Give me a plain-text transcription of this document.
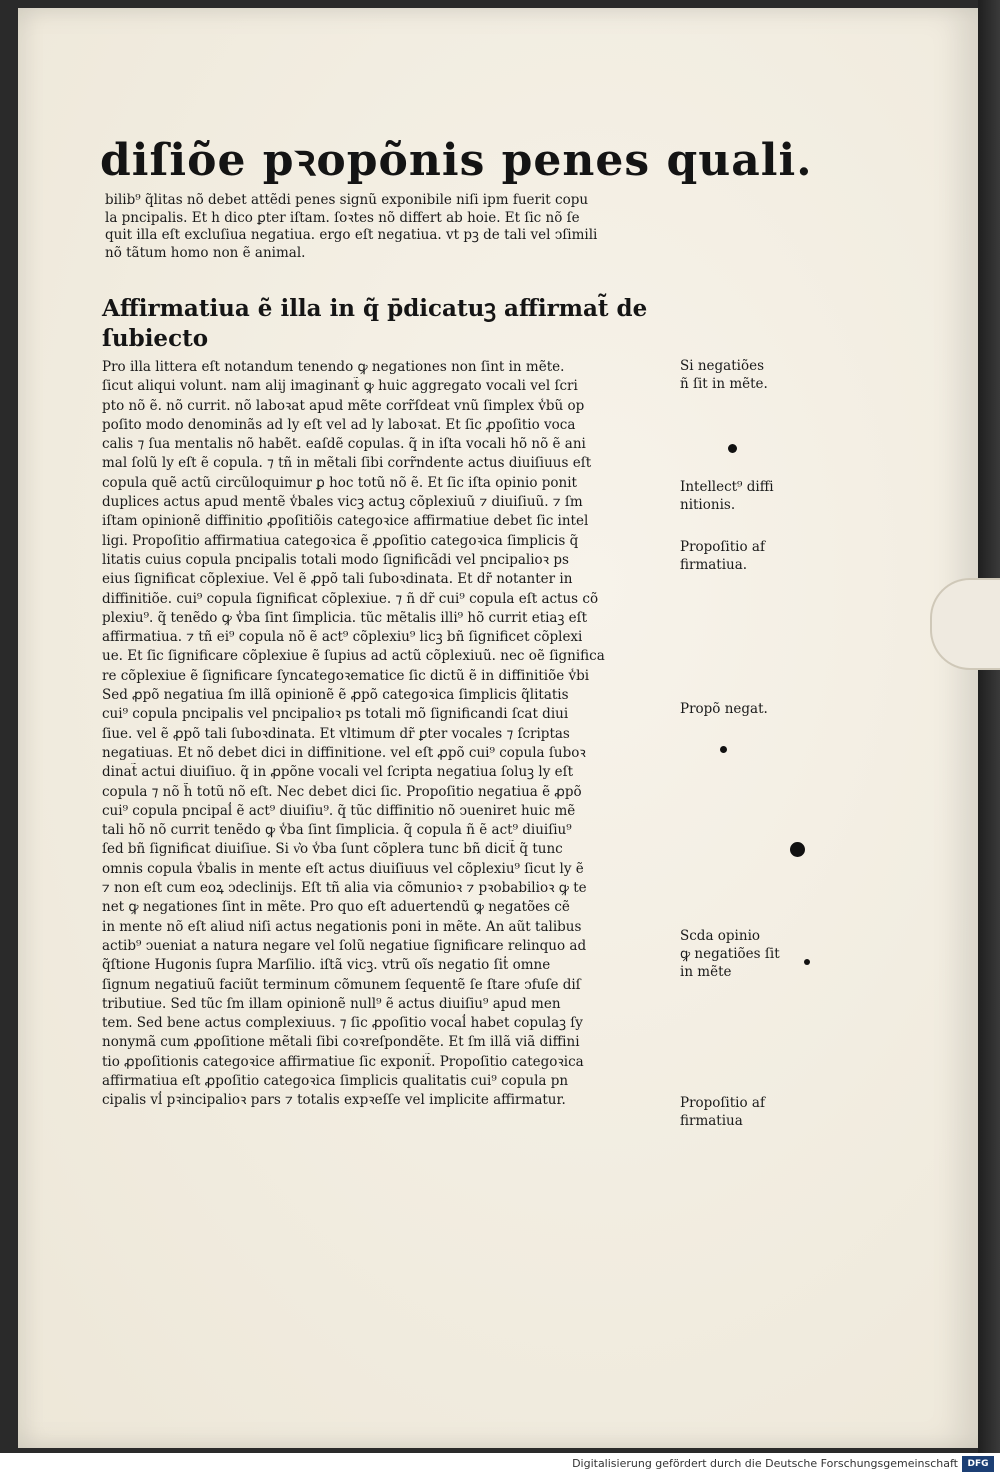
diſiõe pꝛopõnis penes quali.
bilib⁹ q̃litas nõ debet attẽdi penes signũ exponibile niſi ipm fuerit copu
la pncipalis. Et h̃ dico ꝑter iſtam. ſoꝛtes nõ differt ab hoie. Et ſic nõ ſe
quit̃ illa eſt excluſiua negatiua. ergo eſt negatiua. vt pꝫ de tali vel ↄſimili
nõ tãtum homo non ẽ animal.
Affirmatiua ẽ illa in q̃ p̄dicatuꝫ affirmat̃ de ſubiecto
Pro illa littera eſt notandum tenendo ꝙ negationes non ſint in mẽte.
ſicut aliqui volunt. nam alij imaginant̃ ꝙ huic aggregato vocali vel ſcri
pto nõ ẽ. nõ currit. nõ laboꝛat apud mẽte corr̃ſdeat vnũ ſimplex v̾bũ op
poſito modo denominãs ad ly eſt vel ad ly laboꝛat. Et ſic ꝓpoſitio voca
calis ⁊ ſua mentalis nõ habẽt. eaſdẽ copulas. q̃ in iſta vocali hõ nõ ẽ ani
mal ſolũ ly eſt ẽ copula. ⁊ tñ in mẽtali ſibi corr̃ndente actus diuiſiuus eſt
copula quẽ actũ circũloquimur ꝑ hoc totũ nõ ẽ. Et ſic iſta opinio ponit
duplices actus apud mentẽ v̾bales vicꝫ actuꝫ cõplexiuũ ⁊ diuiſiuũ. ⁊ ſm
iſtam opinionẽ diffinitio ꝓpoſitiõis categoꝛice affirmatiue debet ſic intel
ligi. Propoſitio affirmatiua categoꝛica ẽ ꝓpoſitio categoꝛica ſimplicis q̃
litatis cuius copula pncipalis totali modo ſignificãdi vel pncipalioꝛ ps
eius ſignificat cõplexiue. Vel ẽ ꝓpõ tali ſuboꝛdinata. Et dr̃ notanter in
diffinitiõe. cui⁹ copula ſignificat cõplexiue. ⁊ ñ dr̃ cui⁹ copula eſt actus cõ
plexiu⁹. q̃ tenẽdo ꝙ v̾ba ſint ſimplicia. tũc mẽtalis illi⁹ hõ currit etiaꝫ eſt
affirmatiua. ⁊ tñ ei⁹ copula nõ ẽ act⁹ cõplexiu⁹ licꝫ bñ ſignificet cõplexi
ue. Et ſic ſignificare cõplexiue ẽ ſupius ad actũ cõplexiuũ. nec oẽ ſignifica
re cõplexiue ẽ ſignificare ſyncategoꝛematice ſic dictũ ẽ in diffinitiõe v̾bi
Sed ꝓpõ negatiua ſm illã opinionẽ ẽ ꝓpõ categoꝛica ſimplicis q̃litatis
cui⁹ copula pncipalis vel pncipalioꝛ ps totali mõ ſignificandi ſcat diui
ſiue. vel ẽ ꝓpõ tali ſuboꝛdinata. Et vltimum dr̃ ꝑter vocales ⁊ ſcriptas
negatiuas. Et nõ debet dici in diffinitione. vel eſt ꝓpõ cui⁹ copula ſuboꝛ
dinat̃ actui diuiſiuo. q̃ in ꝓpõne vocali vel ſcripta negatiua ſoluꝫ ly eſt
copula ⁊ nõ h̃ totũ nõ eſt. Nec debet dici ſic. Propoſitio negatiua ẽ ꝓpõ
cui⁹ copula pncipal̾ ẽ act⁹ diuiſiu⁹. q̃ tũc diffinitio nõ ↄueniret huic mẽ
tali hõ nõ currit tenẽdo ꝙ v̾ba ſint ſimplicia. q̃ copula ñ ẽ act⁹ diuiſiu⁹
ſed bñ ſignificat diuiſiue. Si v͛o v̾ba ſunt cõplera tunc bñ dicit̃ q̃ tunc
omnis copula v̾balis in mente eſt actus diuiſiuus vel cõplexiu⁹ ſicut ly ẽ
⁊ non eſt cum eoꝝ ↄdeclinijs. Eſt tñ alia via cõmunioꝛ ⁊ pꝛobabilioꝛ ꝙ te
net ꝙ negationes ſint in mẽte. Pro quo eſt aduertendũ ꝙ negatões cẽ
in mente nõ eſt aliud niſi actus negationis poni in mẽte. An aũt talibus
actib⁹ ↄueniat a natura negare vel ſolũ negatiue ſignificare relinquo ad
q̃ſtione Hugonis ſupra Marſilio. iſtã vicꝫ. vtrũ oĩs negatio ſit̾ omne
ſignum negatiuũ faciũt terminum cõmunem ſequentẽ ſe ſtare ↄfuſe diſ
tributiue. Sed tũc ſm illam opinionẽ null⁹ ẽ actus diuiſiu⁹ apud men
tem. Sed bene actus complexiuus. ⁊ ſic ꝓpoſitio vocal̾ habet copulaꝫ ſy
nonymã cum ꝓpoſitione mẽtali ſibi coꝛreſpondẽte. Et ſm illã viã diffini
tio ꝓpoſitionis categoꝛice affirmatiue ſic exponit̃. Propoſitio categoꝛica
affirmatiua eſt ꝓpoſitio categoꝛica ſimplicis qualitatis cui⁹ copula pn
cipalis vl̾ pꝛincipalioꝛ pars ⁊ totalis expꝛeſſe vel implicite affirmatur.
Si negatiões
ñ ſit in mẽte.
Intellect⁹ diffi
nitionis.
Propoſitio af
firmatiua.
Propõ negat.
Scda opinio
ꝙ negatiões ſit
in mẽte
Propoſitio af
firmatiua
Digitalisierung gefördert durch die Deutsche Forschungsgemeinschaft	DFG
